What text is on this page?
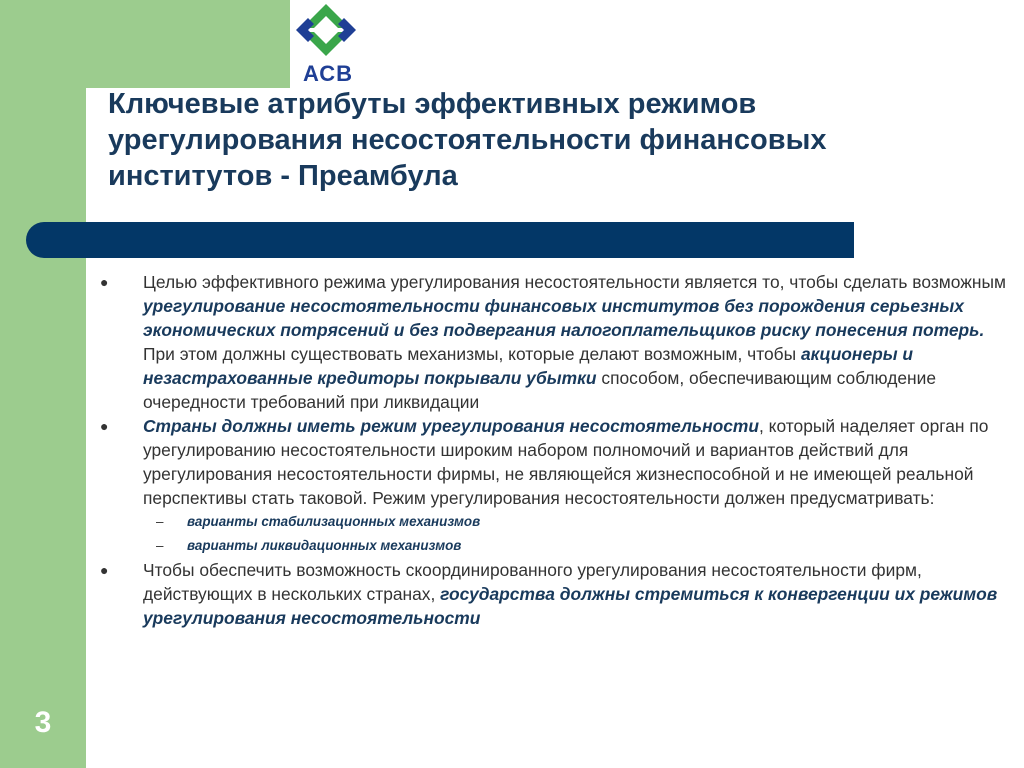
АСВ
Ключевые атрибуты эффективных режимов урегулирования несостоятельности финансовых институтов - Преамбула

●	Целью эффективного режима урегулирования несостоятельности является то, чтобы сделать возможным урегулирование несостоятельности финансовых институтов без порождения серьезных экономических потрясений и без подвергания налогоплательщиков риску понесения потерь. При этом должны существовать механизмы, которые делают возможным, чтобы акционеры и незастрахованные кредиторы покрывали убытки способом, обеспечивающим соблюдение очередности требований при ликвидации

●	Страны должны иметь режим урегулирования несостоятельности, который наделяет орган по урегулированию несостоятельности широким набором полномочий и вариантов действий для урегулирования несостоятельности фирмы, не являющейся жизнеспособной и не имеющей реальной перспективы стать таковой. Режим урегулирования несостоятельности должен предусматривать:

– варианты стабилизационных механизмов
– варианты ликвидационных механизмов

●	Чтобы обеспечить возможность скоординированного урегулирования несостоятельности фирм, действующих в нескольких странах, государства должны стремиться к конвергенции их режимов урегулирования несостоятельности

3
